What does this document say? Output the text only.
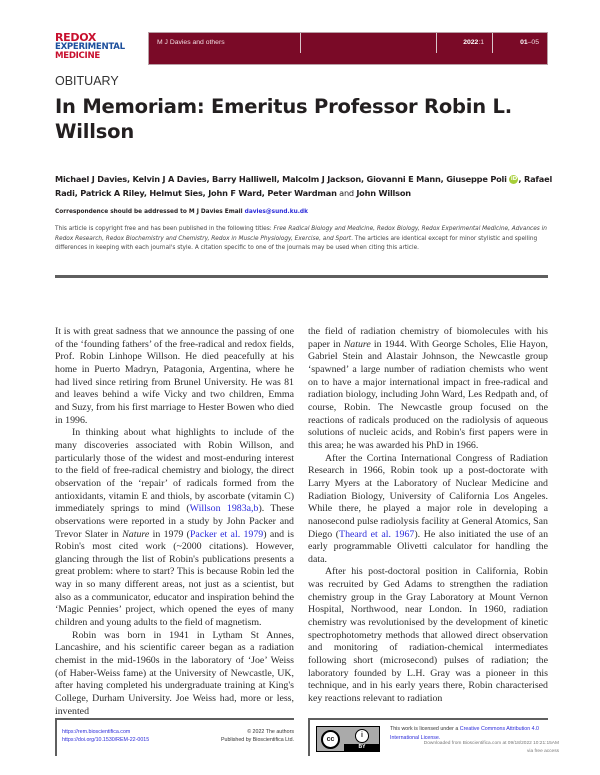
REDOX
EXPERIMENTAL
MEDICINE
M J Davies and others	2022:1	01–05
OBITUARY
In Memoriam: Emeritus Professor Robin L. Willson
Michael J Davies, Kelvin J A Davies, Barry Halliwell, Malcolm J Jackson, Giovanni E Mann, Giuseppe Poli iD, Rafael Radi, Patrick A Riley, Helmut Sies, John F Ward, Peter Wardman and John Willson
Correspondence should be addressed to M J Davies Email davies@sund.ku.dk
This article is copyright free and has been published in the following titles: Free Radical Biology and Medicine, Redox Biology, Redox Experimental Medicine, Advances in Redox Research, Redox Biochemistry and Chemistry, Redox in Muscle Physiology, Exercise, and Sport. The articles are identical except for minor stylistic and spelling differences in keeping with each journal's style. A citation specific to one of the journals may be used when citing this article.

It is with great sadness that we announce the passing of one of the ‘founding fathers’ of the free-radical and redox fields, Prof. Robin Linhope Willson. He died peacefully at his home in Puerto Madryn, Patagonia, Argentina, where he had lived since retiring from Brunel University. He was 81 and leaves behind a wife Vicky and two children, Emma and Suzy, from his first marriage to Hester Bowen who died in 1996.

In thinking about what highlights to include of the many discoveries associated with Robin Willson, and particularly those of the widest and most-enduring interest to the field of free-radical chemistry and biology, the direct observation of the ‘repair’ of radicals formed from the antioxidants, vitamin E and thiols, by ascorbate (vitamin C) immediately springs to mind (Willson 1983a,b). These observations were reported in a study by John Packer and Trevor Slater in Nature in 1979 (Packer et al. 1979) and is Robin's most cited work (~2000 citations). However, glancing through the list of Robin's publications presents a great problem: where to start? This is because Robin led the way in so many different areas, not just as a scientist, but also as a communicator, educator and inspiration behind the ‘Magic Pennies’ project, which opened the eyes of many children and young adults to the field of magnetism.

Robin was born in 1941 in Lytham St Annes, Lancashire, and his scientific career began as a radiation chemist in the mid-1960s in the laboratory of ‘Joe’ Weiss (of Haber-Weiss fame) at the University of Newcastle, UK, after having completed his undergraduate training at King's College, Durham University. Joe Weiss had, more or less, invented

the field of radiation chemistry of biomolecules with his paper in Nature in 1944. With George Scholes, Elie Hayon, Gabriel Stein and Alastair Johnson, the Newcastle group ‘spawned’ a large number of radiation chemists who went on to have a major international impact in free-radical and radiation biology, including John Ward, Les Redpath and, of course, Robin. The Newcastle group focused on the reactions of radicals produced on the radiolysis of aqueous solutions of nucleic acids, and Robin's first papers were in this area; he was awarded his PhD in 1966.

After the Cortina International Congress of Radiation Research in 1966, Robin took up a post-doctorate with Larry Myers at the Laboratory of Nuclear Medicine and Radiation Biology, University of California Los Angeles. While there, he played a major role in developing a nanosecond pulse radiolysis facility at General Atomics, San Diego (Theard et al. 1967). He also initiated the use of an early programmable Olivetti calculator for handling the data.

After his post-doctoral position in California, Robin was recruited by Ged Adams to strengthen the radiation chemistry group in the Gray Laboratory at Mount Vernon Hospital, Northwood, near London. In 1960, radiation chemistry was revolutionised by the development of kinetic spectrophotometry methods that allowed direct observation and monitoring of radiation-chemical intermediates following short (microsecond) pulses of radiation; the laboratory founded by L.H. Gray was a pioneer in this technique, and in his early years there, Robin characterised key reactions relevant to radiation

https://rem.bioscientifica.com
https://doi.org/10.1530/REM-22-0015
© 2022 The authors
Published by Bioscientifica Ltd.	cc
i
BY
This work is licensed under a Creative Commons Attribution 4.0 International License.
Downloaded from Bioscientifica.com at 09/18/2022 10:21:15AM
via free access
